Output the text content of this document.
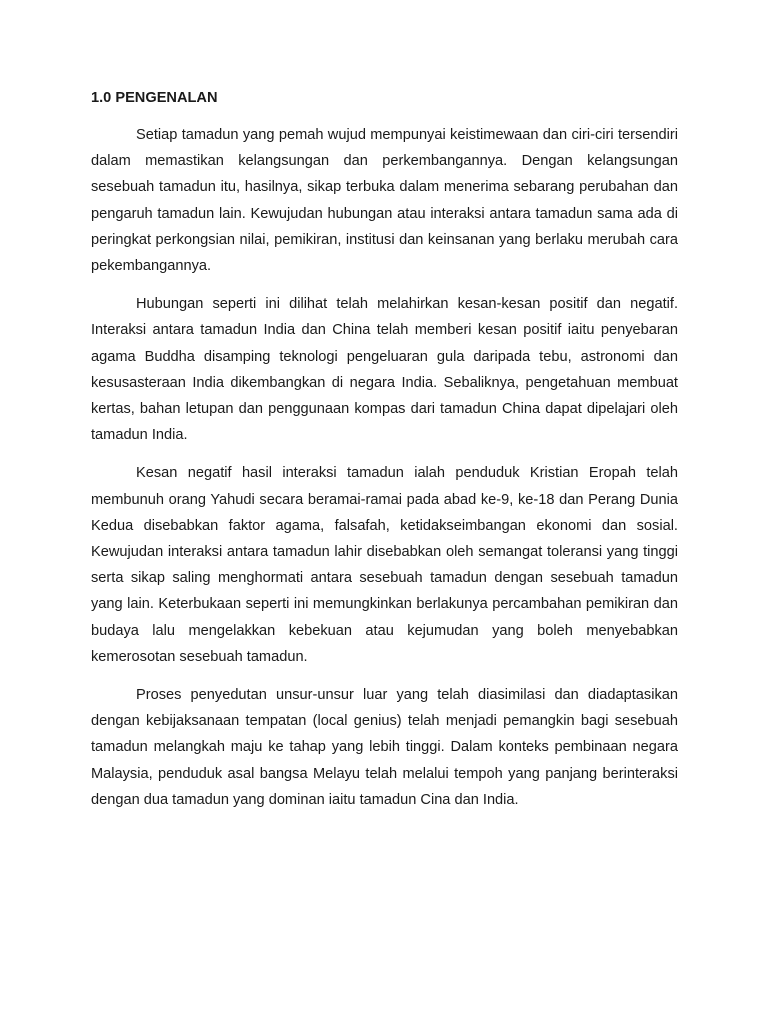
1.0 PENGENALAN

Setiap tamadun yang pemah wujud mempunyai keistimewaan dan ciri-ciri tersendiri dalam memastikan kelangsungan dan perkembangannya. Dengan kelangsungan sesebuah tamadun itu, hasilnya, sikap terbuka dalam menerima sebarang perubahan dan pengaruh tamadun lain. Kewujudan hubungan atau interaksi antara tamadun sama ada di peringkat perkongsian nilai, pemikiran, institusi dan keinsanan yang berlaku merubah cara pekembangannya.

Hubungan seperti ini dilihat telah melahirkan kesan-kesan positif dan negatif. Interaksi antara tamadun India dan China telah memberi kesan positif iaitu penyebaran agama Buddha disamping teknologi pengeluaran gula daripada tebu, astronomi dan kesusasteraan India dikembangkan di negara India. Sebaliknya, pengetahuan membuat kertas, bahan letupan dan penggunaan kompas dari tamadun China dapat dipelajari oleh tamadun India.

Kesan negatif hasil interaksi tamadun ialah penduduk Kristian Eropah telah membunuh orang Yahudi secara beramai-ramai pada abad ke-9, ke-18 dan Perang Dunia Kedua disebabkan faktor agama, falsafah, ketidakseimbangan ekonomi dan sosial. Kewujudan interaksi antara tamadun lahir disebabkan oleh semangat toleransi yang tinggi serta sikap saling menghormati antara sesebuah tamadun dengan sesebuah tamadun yang lain. Keterbukaan seperti ini memungkinkan berlakunya percambahan pemikiran dan budaya lalu mengelakkan kebekuan atau kejumudan yang boleh menyebabkan kemerosotan sesebuah tamadun.

Proses penyedutan unsur-unsur luar yang telah diasimilasi dan diadaptasikan dengan kebijaksanaan tempatan (local genius) telah menjadi pemangkin bagi sesebuah tamadun melangkah maju ke tahap yang lebih tinggi. Dalam konteks pembinaan negara Malaysia, penduduk asal bangsa Melayu telah melalui tempoh yang panjang berinteraksi dengan dua tamadun yang dominan iaitu tamadun Cina dan India.
